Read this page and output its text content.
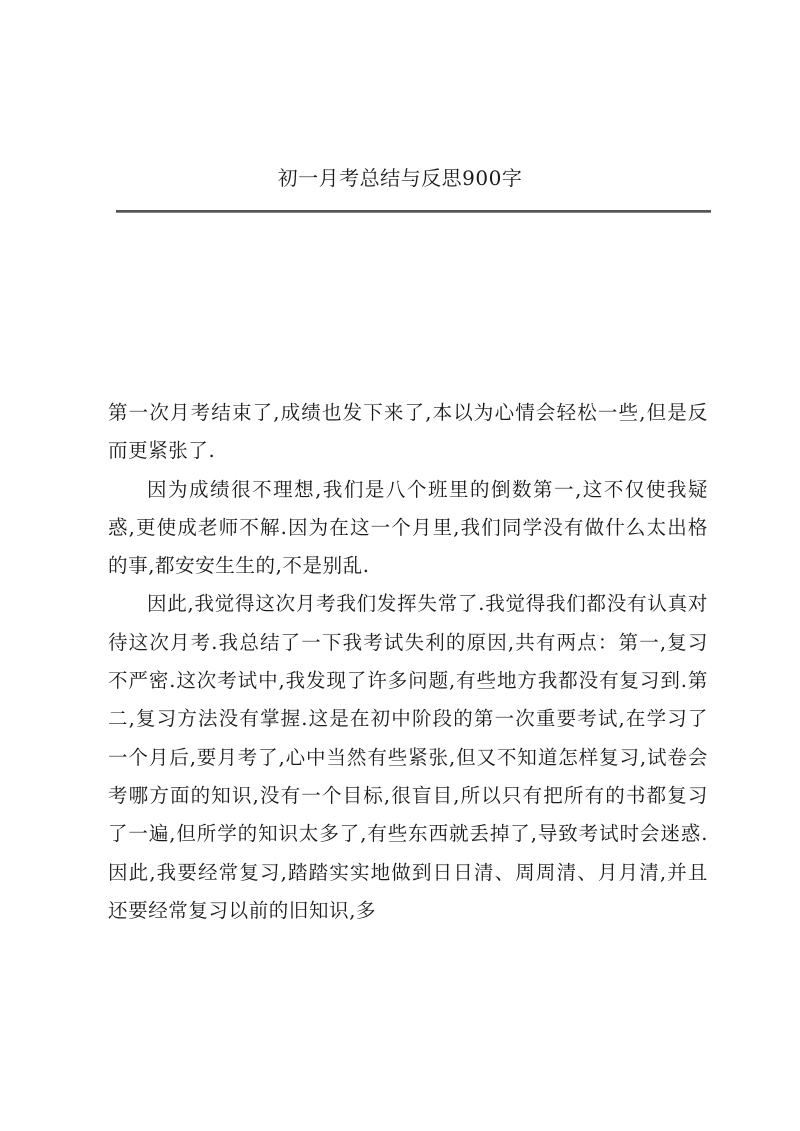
初一月考总结与反思900字

第一次月考结束了,成绩也发下来了,本以为心情会轻松一些,但是反而更紧张了.

因为成绩很不理想,我们是八个班里的倒数第一,这不仅使我疑惑,更使成老师不解.因为在这一个月里,我们同学没有做什么太出格的事,都安安生生的,不是别乱.

因此,我觉得这次月考我们发挥失常了.我觉得我们都没有认真对待这次月考.我总结了一下我考试失利的原因,共有两点：第一,复习不严密.这次考试中,我发现了许多问题,有些地方我都没有复习到.第二,复习方法没有掌握.这是在初中阶段的第一次重要考试,在学习了一个月后,要月考了,心中当然有些紧张,但又不知道怎样复习,试卷会考哪方面的知识,没有一个目标,很盲目,所以只有把所有的书都复习了一遍,但所学的知识太多了,有些东西就丢掉了,导致考试时会迷惑.因此,我要经常复习,踏踏实实地做到日日清、周周清、月月清,并且还要经常复习以前的旧知识,多
